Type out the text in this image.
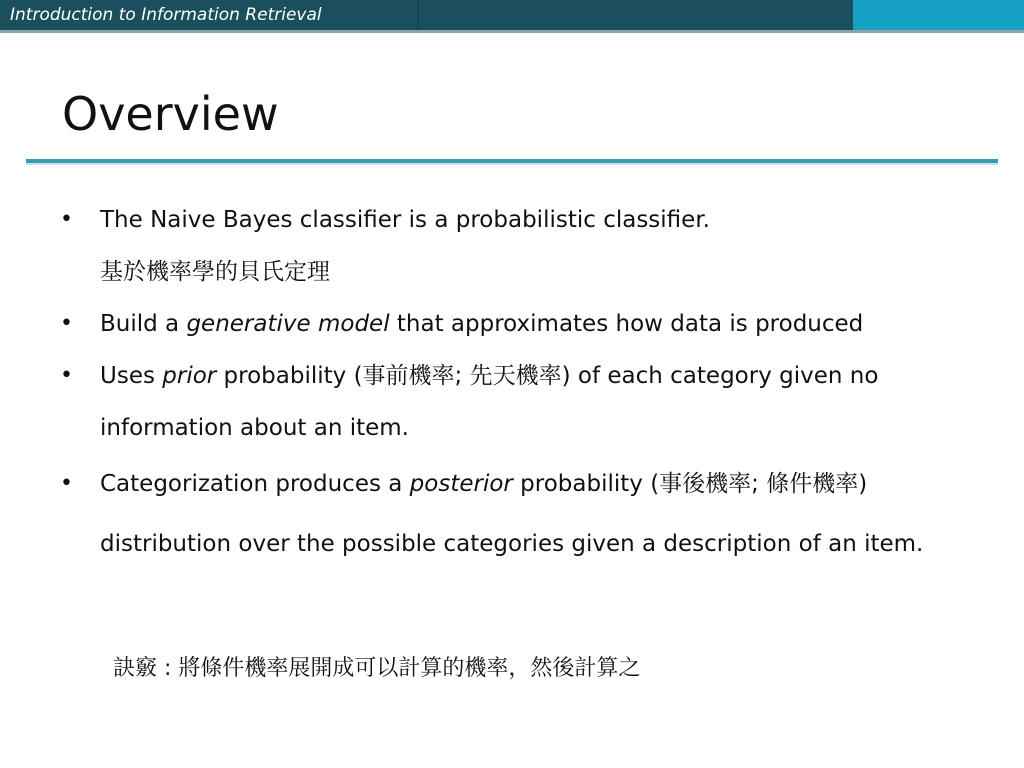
Introduction to Information Retrieval
Overview
• The Naive Bayes classifier is a probabilistic classifier.
基於機率學的貝氏定理
• Build a generative model that approximates how data is produced
• Uses prior probability (事前機率; 先天機率) of each category given no information about an item.
• Categorization produces a posterior probability (事後機率; 條件機率) distribution over the possible categories given a description of an item.
訣竅 : 將條件機率展開成可以計算的機率，然後計算之
